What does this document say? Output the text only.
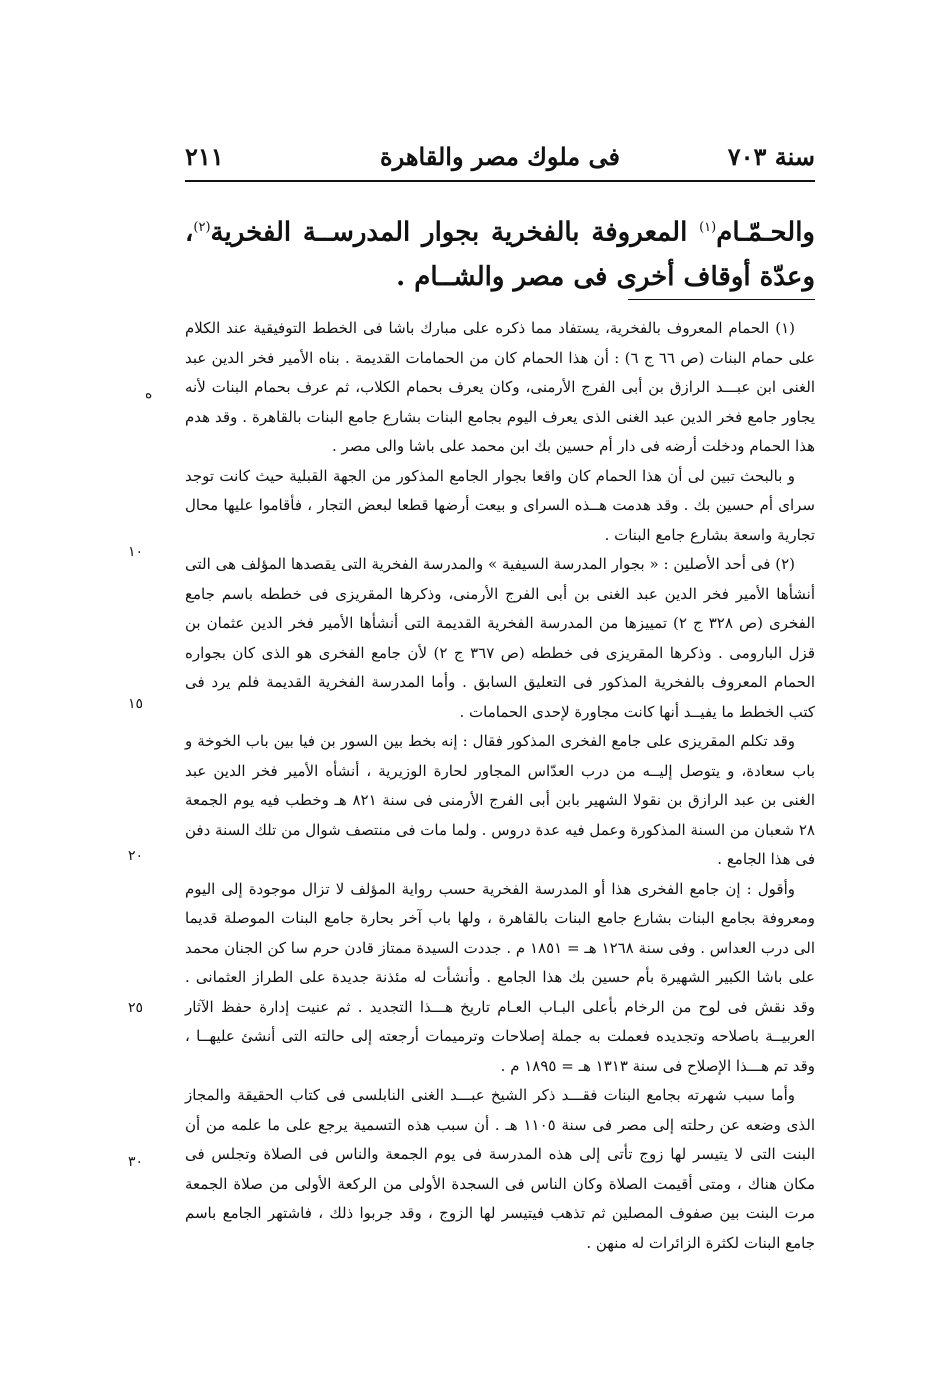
سنة ٧٠٣
فى ملوك مصر والقاهرة
٢١١

والحـمّـام$^{(١)}$ المعروفة بالفخرية بجوار المدرســة الفخرية$^{(٢)}$، وعدّة أوقاف أخرى فى مصر والشــام .

(١) الحمام المعروف بالفخرية، يستفاد مما ذكره على مبارك باشا فى الخطط التوفيقية عند الكلام على حمام البنات (ص ٦٦ ج ٦) : أن هذا الحمام كان من الحمامات القديمة . بناه الأمير فخر الدين عبد الغنى ابن عبـــد الرازق بن أبى الفرج الأرمنى، وكان يعرف بحمام الكلاب، ثم عرف بحمام البنات لأنه يجاور جامع فخر الدين عبد الغنى الذى يعرف اليوم بجامع البنات بشارع جامع البنات بالقاهرة . وقد هدم هذا الحمام ودخلت أرضه فى دار أم حسين بك ابن محمد على باشا والى مصر .

و بالبحث تبين لى أن هذا الحمام كان واقعا بجوار الجامع المذكور من الجهة القبلية حيث كانت توجد سراى أم حسين بك . وقد هدمت هــذه السراى و بيعت أرضها قطعا لبعض التجار ، فأقاموا عليها محال تجارية واسعة بشارع جامع البنات .

(٢) فى أحد الأصلين : « بجوار المدرسة السيفية » والمدرسة الفخرية التى يقصدها المؤلف هى التى أنشأها الأمير فخر الدين عبد الغنى بن أبى الفرج الأرمنى، وذكرها المقريزى فى خططه باسم جامع الفخرى (ص ٣٢٨ ج ٢) تمييزها من المدرسة الفخرية القديمة التى أنشأها الأمير فخر الدين عثمان بن قزل البارومى . وذكرها المقريزى فى خططه (ص ٣٦٧ ج ٢) لأن جامع الفخرى هو الذى كان بجواره الحمام المعروف بالفخرية المذكور فى التعليق السابق . وأما المدرسة الفخرية القديمة فلم يرد فى كتب الخطط ما يفيــد أنها كانت مجاورة لإحدى الحمامات .

وقد تكلم المقريزى على جامع الفخرى المذكور فقال : إنه بخط بين السور بن فيا بين باب الخوخة و باب سعادة، و يتوصل إليــه من درب العدّاس المجاور لحارة الوزيرية ، أنشأه الأمير فخر الدين عبد الغنى بن عبد الرازق بن نقولا الشهير بابن أبى الفرج الأرمنى فى سنة ٨٢١ هـ وخطب فيه يوم الجمعة ٢٨ شعبان من السنة المذكورة وعمل فيه عدة دروس . ولما مات فى منتصف شوال من تلك السنة دفن فى هذا الجامع .

وأقول : إن جامع الفخرى هذا أو المدرسة الفخرية حسب رواية المؤلف لا تزال موجودة إلى اليوم ومعروفة بجامع البنات بشارع جامع البنات بالقاهرة ، ولها باب آخر بحارة جامع البنات الموصلة قديما الى درب العداس . وفى سنة ١٢٦٨ هـ = ١٨٥١ م . جددت السيدة ممتاز قادن حرم سا كن الجنان محمد على باشا الكبير الشهيرة بأم حسين بك هذا الجامع . وأنشأت له مئذنة جديدة على الطراز العثمانى . وقد نقش فى لوح من الرخام بأعلى البـاب العـام تاريخ هـــذا التجديد . ثم عنيت إدارة حفظ الآثار العربيــة باصلاحه وتجديده فعملت به جملة إصلاحات وترميمات أرجعته إلى حالته التى أنشئ عليهــا ، وقد تم هـــذا الإصلاح فى سنة ١٣١٣ هـ = ١٨٩٥ م .

وأما سبب شهرته بجامع البنات فقـــد ذكر الشيخ عبـــد الغنى النابلسى فى كتاب الحقيقة والمجاز الذى وضعه عن رحلته إلى مصر فى سنة ١١٠٥ هـ . أن سبب هذه التسمية يرجع على ما علمه من أن البنت التى لا يتيسر لها زوج تأتى إلى هذه المدرسة فى يوم الجمعة والناس فى الصلاة وتجلس فى مكان هناك ، ومتى أقيمت الصلاة وكان الناس فى السجدة الأولى من الركعة الأولى من صلاة الجمعة مرت البنت بين صفوف المصلين ثم تذهب فيتيسر لها الزوج ، وقد جربوا ذلك ، فاشتهر الجامع باسم جامع البنات لكثرة الزائرات له منهن .

ه
١٠
١٥
٢٠
٢٥
٣٠
